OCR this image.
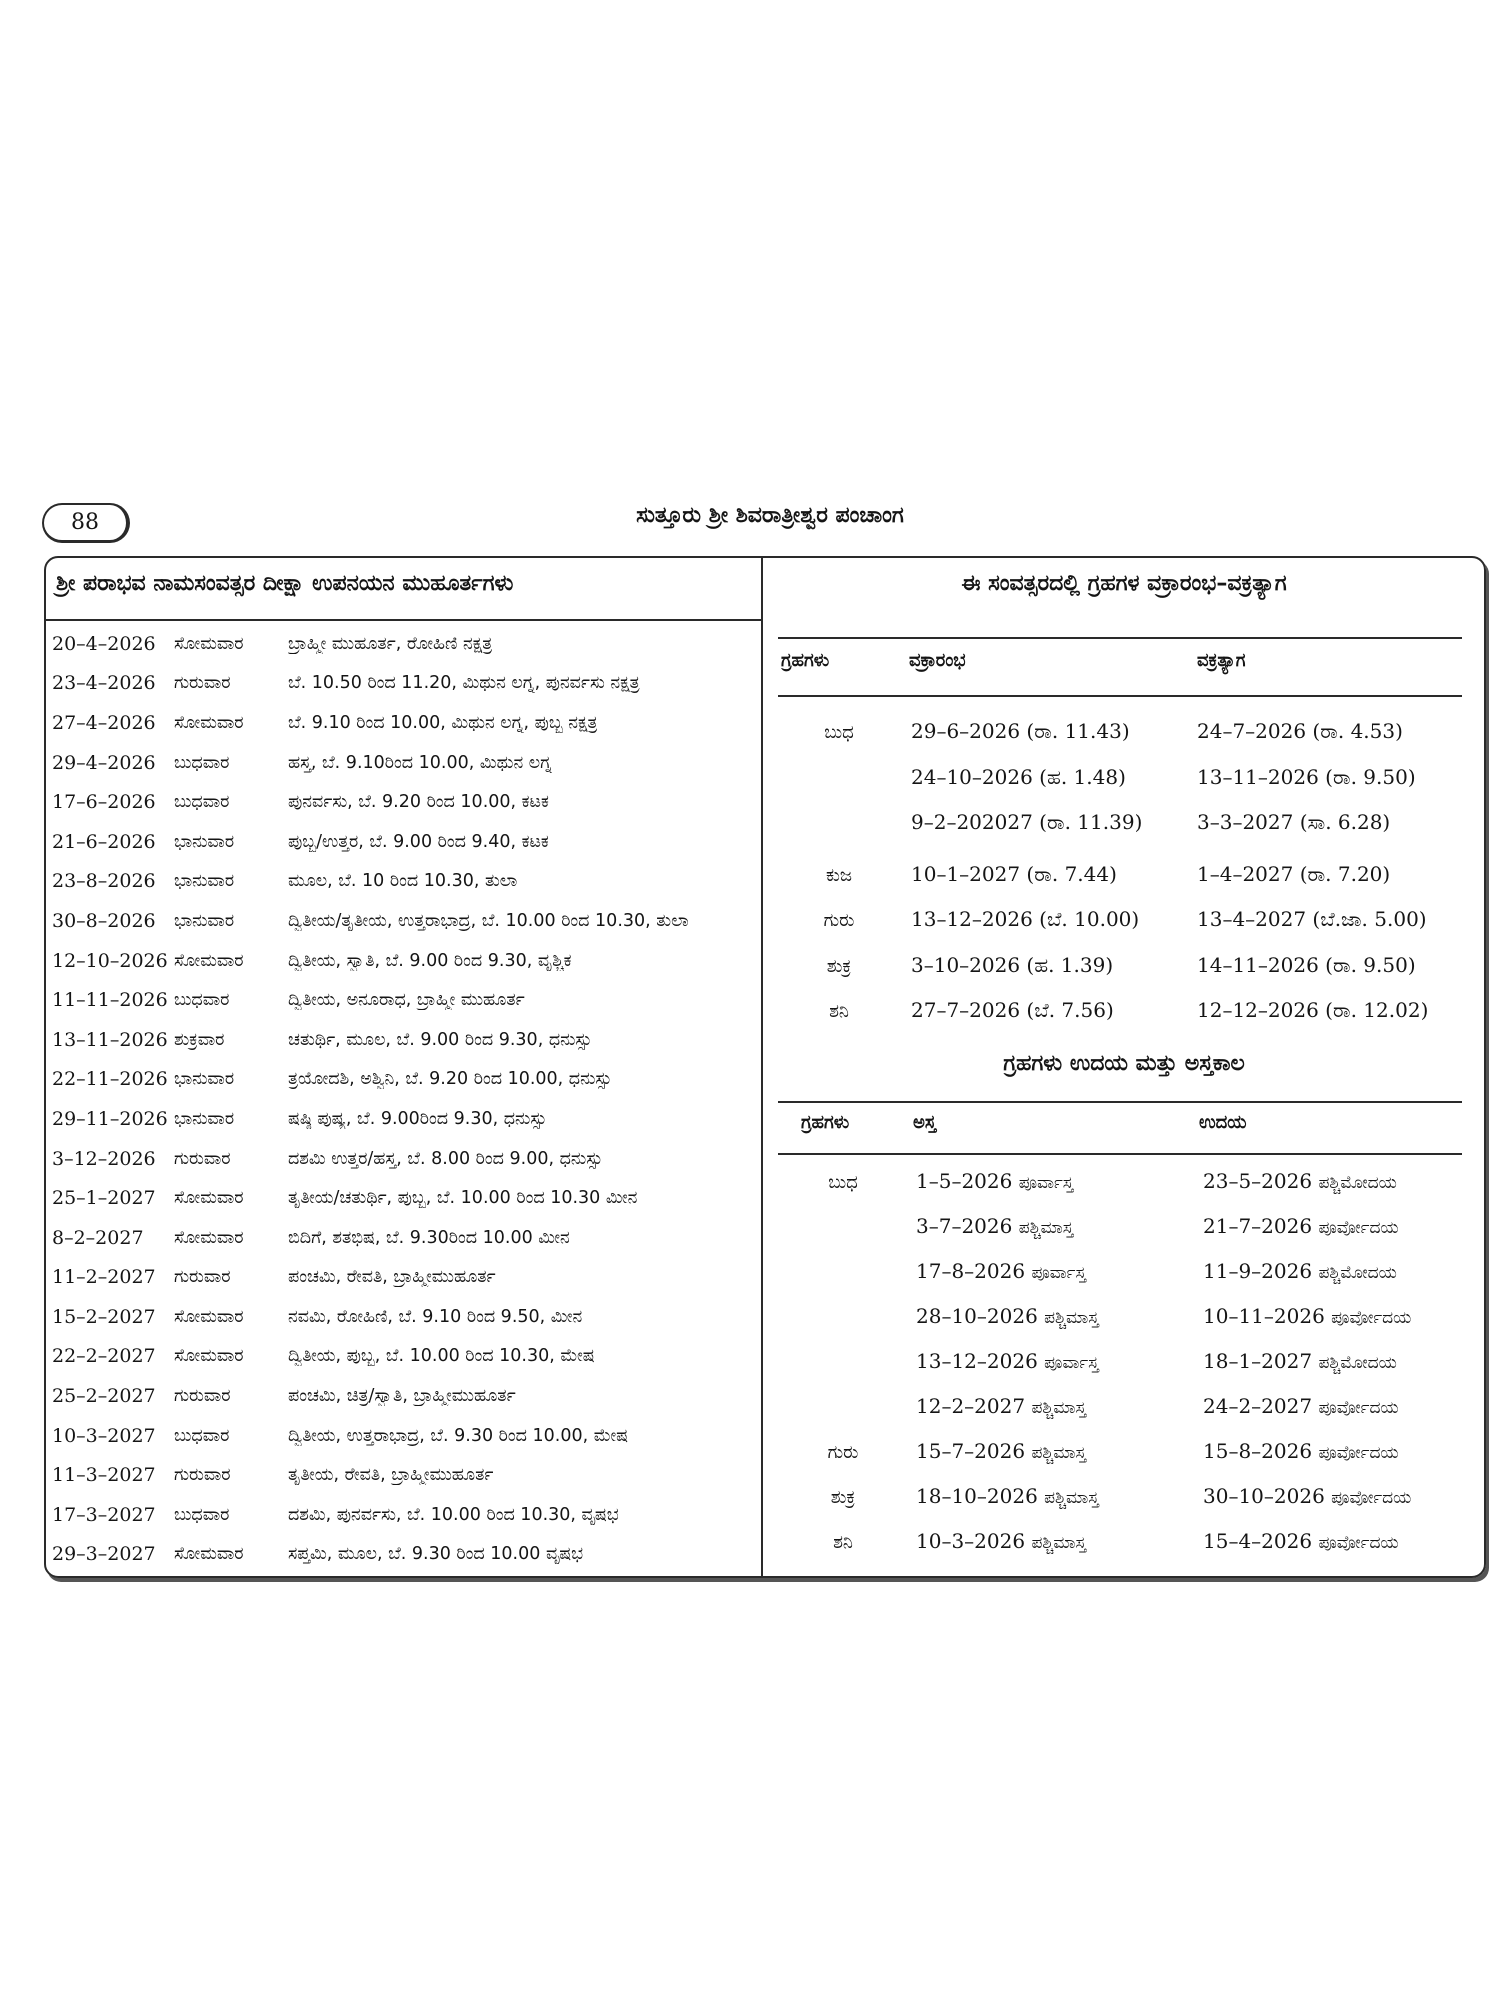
88	ಸುತ್ತೂರು ಶ್ರೀ ಶಿವರಾತ್ರೀಶ್ವರ ಪಂಚಾಂಗ
ಶ್ರೀ ಪರಾಭವ ನಾಮಸಂವತ್ಸರ ದೀಕ್ಷಾ ಉಪನಯನ ಮುಹೂರ್ತಗಳು
20–4–2026	ಸೋಮವಾರ	ಬ್ರಾಹ್ಮೀ ಮುಹೂರ್ತ, ರೋಹಿಣಿ ನಕ್ಷತ್ರ
23–4–2026	ಗುರುವಾರ	ಬೆ. 10.50 ರಿಂದ 11.20, ಮಿಥುನ ಲಗ್ನ, ಪುನರ್ವಸು ನಕ್ಷತ್ರ
27–4–2026	ಸೋಮವಾರ	ಬೆ. 9.10 ರಿಂದ 10.00, ಮಿಥುನ ಲಗ್ನ, ಪುಬ್ಬ ನಕ್ಷತ್ರ
29–4–2026	ಬುಧವಾರ	ಹಸ್ತ, ಬೆ. 9.10ರಿಂದ 10.00, ಮಿಥುನ ಲಗ್ನ
17–6–2026	ಬುಧವಾರ	ಪುನರ್ವಸು, ಬೆ. 9.20 ರಿಂದ 10.00, ಕಟಕ
21–6–2026	ಭಾನುವಾರ	ಪುಬ್ಬ/ಉತ್ತರ, ಬೆ. 9.00 ರಿಂದ 9.40, ಕಟಕ
23–8–2026	ಭಾನುವಾರ	ಮೂಲ, ಬೆ. 10 ರಿಂದ 10.30, ತುಲಾ
30–8–2026	ಭಾನುವಾರ	ದ್ವಿತೀಯ/ತೃತೀಯ, ಉತ್ತರಾಭಾದ್ರ, ಬೆ. 10.00 ರಿಂದ 10.30, ತುಲಾ
12–10–2026 ಸೋಮವಾರ	ದ್ವಿತೀಯ, ಸ್ವಾತಿ, ಬೆ. 9.00 ರಿಂದ 9.30, ವೃಶ್ಚಿಕ
11–11–2026 ಬುಧವಾರ	ದ್ವಿತೀಯ, ಅನೂರಾಧ, ಬ್ರಾಹ್ಮೀ ಮುಹೂರ್ತ
13–11–2026 ಶುಕ್ರವಾರ	ಚತುರ್ಥಿ, ಮೂಲ, ಬೆ. 9.00 ರಿಂದ 9.30, ಧನುಸ್ಸು
22–11–2026 ಭಾನುವಾರ	ತ್ರಯೋದಶಿ, ಅಶ್ವಿನಿ, ಬೆ. 9.20 ರಿಂದ 10.00, ಧನುಸ್ಸು
29–11–2026 ಭಾನುವಾರ	ಷಷ್ಠಿ ಪುಷ್ಯ, ಬೆ. 9.00ರಿಂದ 9.30, ಧನುಸ್ಸು
3–12–2026	ಗುರುವಾರ	ದಶಮಿ ಉತ್ತರ/ಹಸ್ತ, ಬೆ. 8.00 ರಿಂದ 9.00, ಧನುಸ್ಸು
25–1–2027	ಸೋಮವಾರ	ತೃತೀಯ/ಚತುರ್ಥಿ, ಪುಬ್ಬ, ಬೆ. 10.00 ರಿಂದ 10.30 ಮೀನ
8–2–2027	ಸೋಮವಾರ	ಬಿದಿಗೆ, ಶತಭಿಷ, ಬೆ. 9.30ರಿಂದ 10.00 ಮೀನ
11–2–2027	ಗುರುವಾರ	ಪಂಚಮಿ, ರೇವತಿ, ಬ್ರಾಹ್ಮೀಮುಹೂರ್ತ
15–2–2027	ಸೋಮವಾರ	ನವಮಿ, ರೋಹಿಣಿ, ಬೆ. 9.10 ರಿಂದ 9.50, ಮೀನ
22–2–2027	ಸೋಮವಾರ	ದ್ವಿತೀಯ, ಪುಬ್ಬ, ಬೆ. 10.00 ರಿಂದ 10.30, ಮೇಷ
25–2–2027	ಗುರುವಾರ	ಪಂಚಮಿ, ಚಿತ್ರ/ಸ್ವಾತಿ, ಬ್ರಾಹ್ಮೀಮುಹೂರ್ತ
10–3–2027	ಬುಧವಾರ	ದ್ವಿತೀಯ, ಉತ್ತರಾಭಾದ್ರ, ಬೆ. 9.30 ರಿಂದ 10.00, ಮೇಷ
11–3–2027	ಗುರುವಾರ	ತೃತೀಯ, ರೇವತಿ, ಬ್ರಾಹ್ಮೀಮುಹೂರ್ತ
17–3–2027	ಬುಧವಾರ	ದಶಮಿ, ಪುನರ್ವಸು, ಬೆ. 10.00 ರಿಂದ 10.30, ವೃಷಭ
29–3–2027	ಸೋಮವಾರ	ಸಪ್ತಮಿ, ಮೂಲ, ಬೆ. 9.30 ರಿಂದ 10.00 ವೃಷಭ
ಈ ಸಂವತ್ಸರದಲ್ಲಿ ಗ್ರಹಗಳ ವಕ್ರಾರಂಭ–ವಕ್ರತ್ಯಾಗ
ಗ್ರಹಗಳು	ವಕ್ರಾರಂಭ	ವಕ್ರತ್ಯಾಗ
ಬುಧ	29–6–2026 (ರಾ. 11.43)	24–7–2026 (ರಾ. 4.53)
24–10–2026 (ಹ. 1.48)	13–11–2026 (ರಾ. 9.50)
9–2–202027 (ರಾ. 11.39)	3–3–2027 (ಸಾ. 6.28)
ಕುಜ	10–1–2027 (ರಾ. 7.44)	1–4–2027 (ರಾ. 7.20)
ಗುರು	13–12–2026 (ಬೆ. 10.00)	13–4–2027 (ಬೆ.ಜಾ. 5.00)
ಶುಕ್ರ	3–10–2026 (ಹ. 1.39)	14–11–2026 (ರಾ. 9.50)
ಶನಿ	27–7–2026 (ಬೆ. 7.56)	12–12–2026 (ರಾ. 12.02)
ಗ್ರಹಗಳು ಉದಯ ಮತ್ತು ಅಸ್ತಕಾಲ
ಗ್ರಹಗಳು	ಅಸ್ತ	ಉದಯ
ಬುಧ	1–5–2026 ಪೂರ್ವಾಸ್ತ	23–5–2026 ಪಶ್ಚಿಮೋದಯ
3–7–2026 ಪಶ್ಚಿಮಾಸ್ತ	21–7–2026 ಪೂರ್ವೋದಯ
17–8–2026 ಪೂರ್ವಾಸ್ತ	11–9–2026 ಪಶ್ಚಿಮೋದಯ
28–10–2026 ಪಶ್ಚಿಮಾಸ್ತ	10–11–2026 ಪೂರ್ವೋದಯ
13–12–2026 ಪೂರ್ವಾಸ್ತ	18–1–2027 ಪಶ್ಚಿಮೋದಯ
12–2–2027 ಪಶ್ಚಿಮಾಸ್ತ	24–2–2027 ಪೂರ್ವೋದಯ
ಗುರು	15–7–2026 ಪಶ್ಚಿಮಾಸ್ತ	15–8–2026 ಪೂರ್ವೋದಯ
ಶುಕ್ರ	18–10–2026 ಪಶ್ಚಿಮಾಸ್ತ	30–10–2026 ಪೂರ್ವೋದಯ
ಶನಿ	10–3–2026 ಪಶ್ಚಿಮಾಸ್ತ	15–4–2026 ಪೂರ್ವೋದಯ
